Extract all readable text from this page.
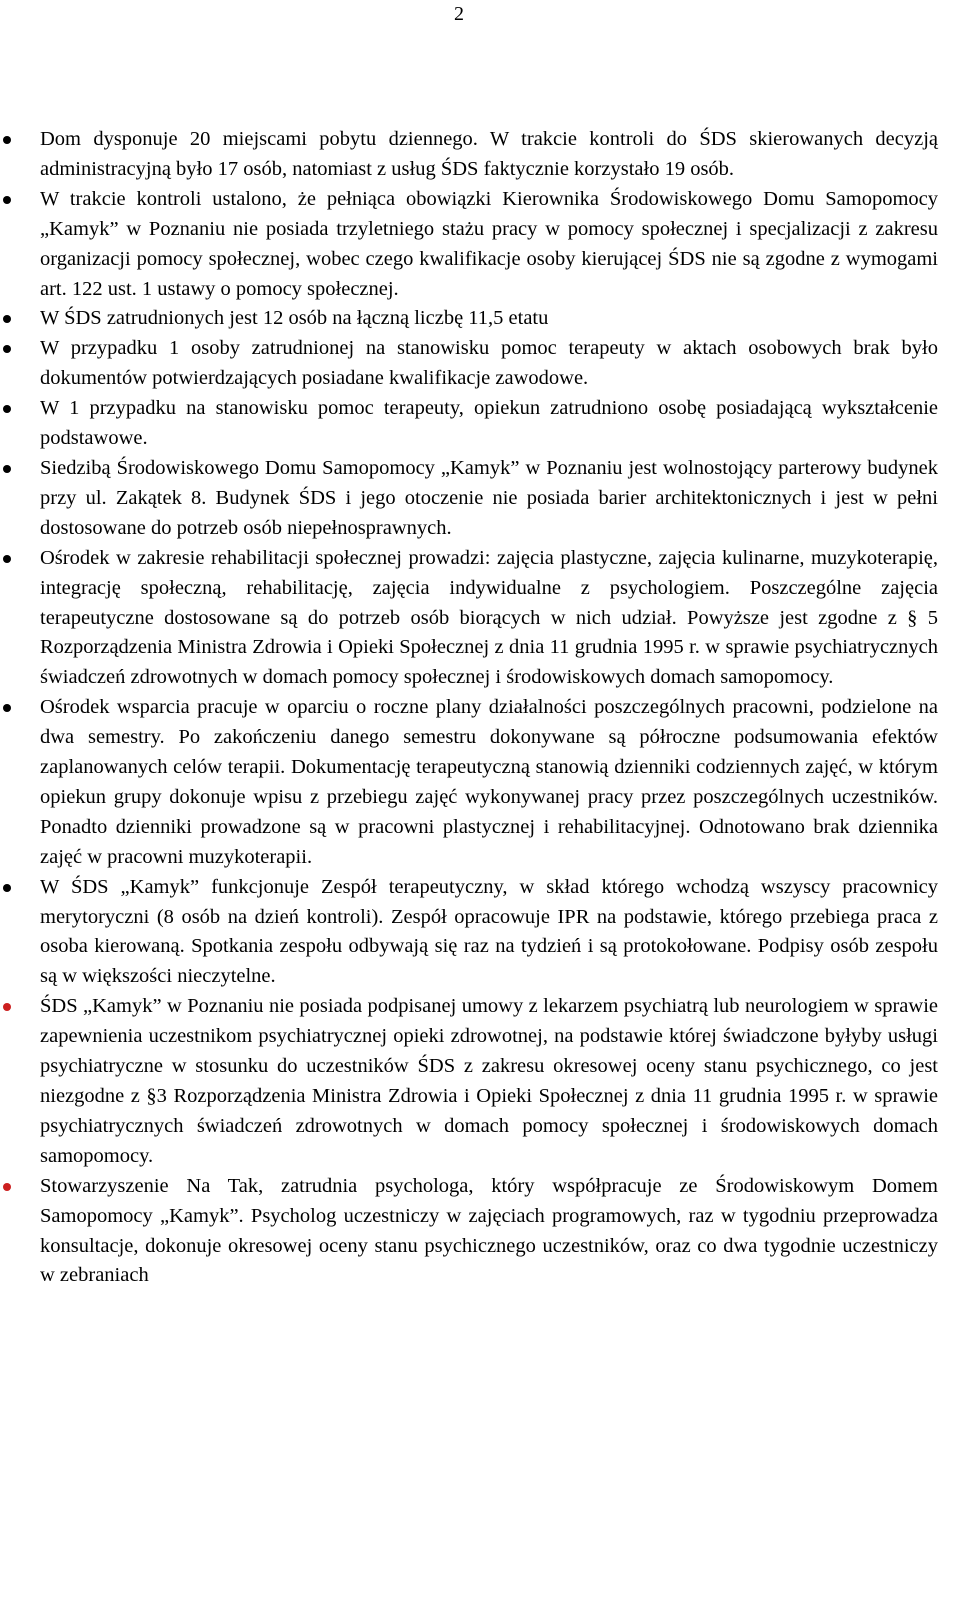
2
Dom dysponuje 20 miejscami pobytu dziennego. W trakcie kontroli do ŚDS skierowanych decyzją administracyjną było 17 osób, natomiast z usług ŚDS faktycznie korzystało 19 osób.
W trakcie kontroli ustalono, że pełniąca obowiązki Kierownika Środowiskowego Domu Samopomocy „Kamyk” w Poznaniu nie posiada trzyletniego stażu pracy w pomocy społecznej i specjalizacji z zakresu organizacji pomocy społecznej, wobec czego kwalifikacje osoby kierującej ŚDS nie są zgodne z wymogami art. 122 ust. 1 ustawy o pomocy społecznej.
W ŚDS zatrudnionych jest 12 osób na łączną liczbę 11,5 etatu
W przypadku 1 osoby zatrudnionej na stanowisku pomoc terapeuty w aktach osobowych brak było dokumentów potwierdzających posiadane kwalifikacje zawodowe.
W 1 przypadku na stanowisku pomoc terapeuty, opiekun zatrudniono osobę posiadającą wykształcenie podstawowe.
Siedzibą Środowiskowego Domu Samopomocy „Kamyk” w Poznaniu jest wolnostojący parterowy budynek przy ul. Zakątek 8. Budynek ŚDS i jego otoczenie nie posiada barier architektonicznych i jest w pełni dostosowane do potrzeb osób niepełnosprawnych.
Ośrodek w zakresie rehabilitacji społecznej prowadzi: zajęcia plastyczne, zajęcia kulinarne, muzykoterapię, integrację społeczną, rehabilitację, zajęcia indywidualne z psychologiem. Poszczególne zajęcia terapeutyczne dostosowane są do potrzeb osób biorących w nich udział. Powyższe jest zgodne z § 5 Rozporządzenia Ministra Zdrowia i Opieki Społecznej z dnia 11 grudnia 1995 r. w sprawie psychiatrycznych świadczeń zdrowotnych w domach pomocy społecznej i środowiskowych domach samopomocy.
Ośrodek wsparcia pracuje w oparciu o roczne plany działalności poszczególnych pracowni, podzielone na dwa semestry. Po zakończeniu danego semestru dokonywane są półroczne podsumowania efektów zaplanowanych celów terapii. Dokumentację terapeutyczną stanowią dzienniki codziennych zajęć, w którym opiekun grupy dokonuje wpisu z przebiegu zajęć wykonywanej pracy przez poszczególnych uczestników. Ponadto dzienniki prowadzone są w pracowni plastycznej i rehabilitacyjnej. Odnotowano brak dziennika zajęć w pracowni muzykoterapii.
W ŚDS „Kamyk” funkcjonuje Zespół terapeutyczny, w skład którego wchodzą wszyscy pracownicy merytoryczni (8 osób na dzień kontroli). Zespół opracowuje IPR na podstawie, którego przebiega praca z osoba kierowaną. Spotkania zespołu odbywają się raz na tydzień i są protokołowane. Podpisy osób zespołu są w większości nieczytelne.
ŚDS „Kamyk” w Poznaniu nie posiada podpisanej umowy z lekarzem psychiatrą lub neurologiem w sprawie zapewnienia uczestnikom psychiatrycznej opieki zdrowotnej, na podstawie której świadczone byłyby usługi psychiatryczne w stosunku do uczestników ŚDS z zakresu okresowej oceny stanu psychicznego, co jest niezgodne z §3 Rozporządzenia Ministra Zdrowia i Opieki Społecznej z dnia 11 grudnia 1995 r. w sprawie psychiatrycznych świadczeń zdrowotnych w domach pomocy społecznej i środowiskowych domach samopomocy.
Stowarzyszenie Na Tak, zatrudnia psychologa, który współpracuje ze Środowiskowym Domem Samopomocy „Kamyk”. Psycholog uczestniczy w zajęciach programowych, raz w tygodniu przeprowadza konsultacje, dokonuje okresowej oceny stanu psychicznego uczestników, oraz co dwa tygodnie uczestniczy w zebraniach
